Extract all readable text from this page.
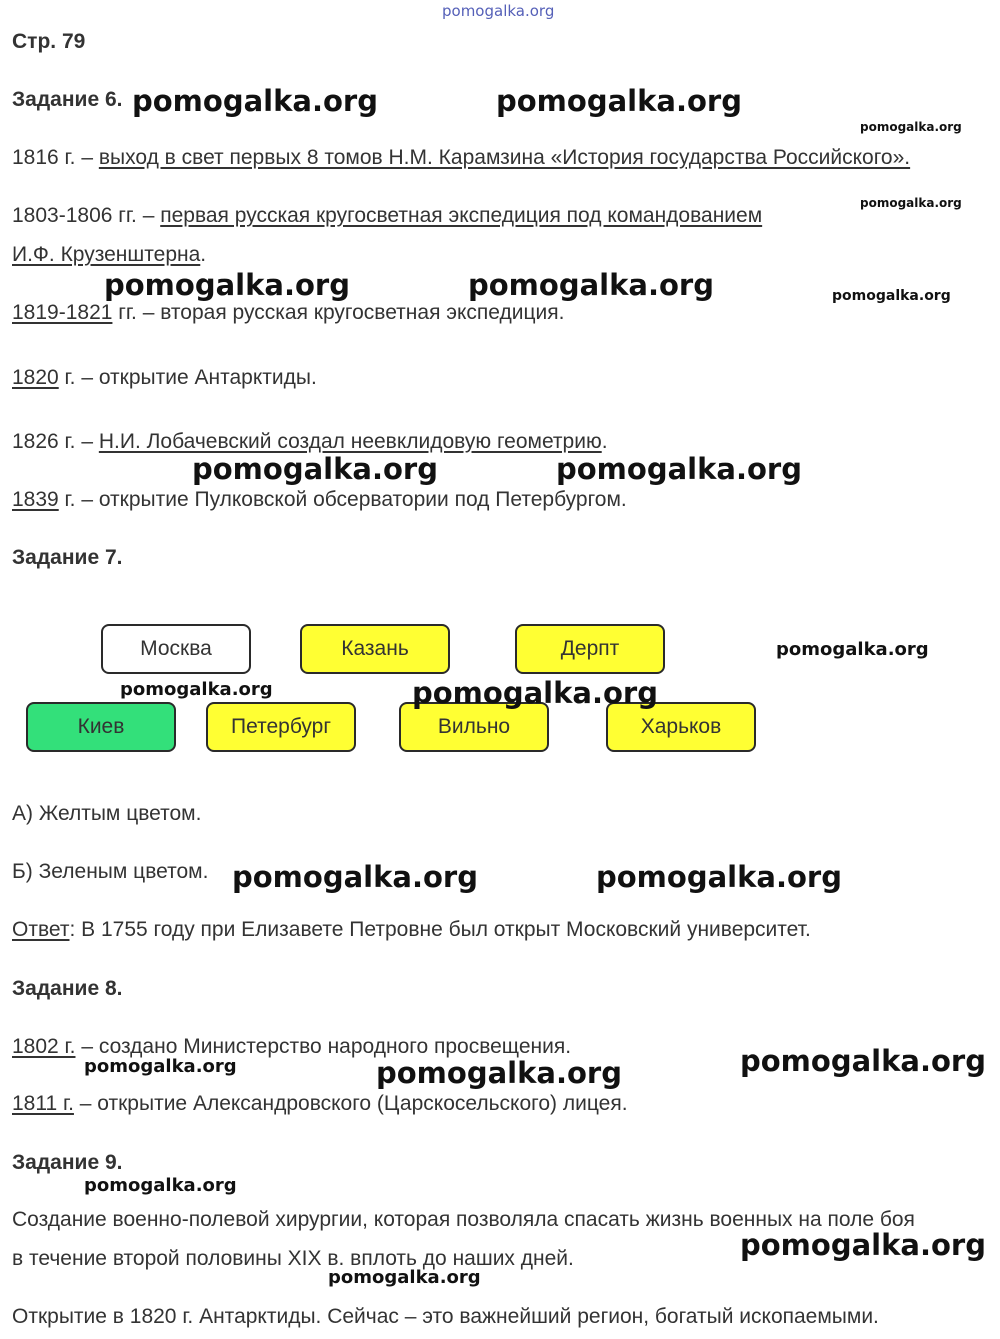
pomogalka.org
Стр. 79
Задание 6.
1816 г. – выход в свет первых 8 томов Н.М. Карамзина «История государства Российского».
1803-1806 гг. – первая русская кругосветная экспедиция под командованием
И.Ф. Крузенштерна.
1819-1821 гг. – вторая русская кругосветная экспедиция.
1820 г. – открытие Антарктиды.
1826 г. – Н.И. Лобачевский создал неевклидовую геометрию.
1839 г. – открытие Пулковской обсерватории под Петербургом.
Задание 7.
Москва	Казань	Дерпт
Киев	Петербург	Вильно	Харьков
А) Желтым цветом.
Б) Зеленым цветом.
Ответ: В 1755 году при Елизавете Петровне был открыт Московский университет.
Задание 8.
1802 г. – создано Министерство народного просвещения.
1811 г. – открытие Александровского (Царскосельского) лицея.
Задание 9.
Создание военно-полевой хирургии, которая позволяла спасать жизнь военных на поле боя
в течение второй половины XIX в. вплоть до наших дней.
Открытие в 1820 г. Антарктиды. Сейчас – это важнейший регион, богатый ископаемыми.
pomogalka.org	pomogalka.org
pomogalka.org
pomogalka.org
pomogalka.org	pomogalka.org	pomogalka.org
pomogalka.org	pomogalka.org
pomogalka.org
pomogalka.org	pomogalka.org
pomogalka.org	pomogalka.org
pomogalka.org
pomogalka.org	pomogalka.org
pomogalka.org
pomogalka.org
pomogalka.org
